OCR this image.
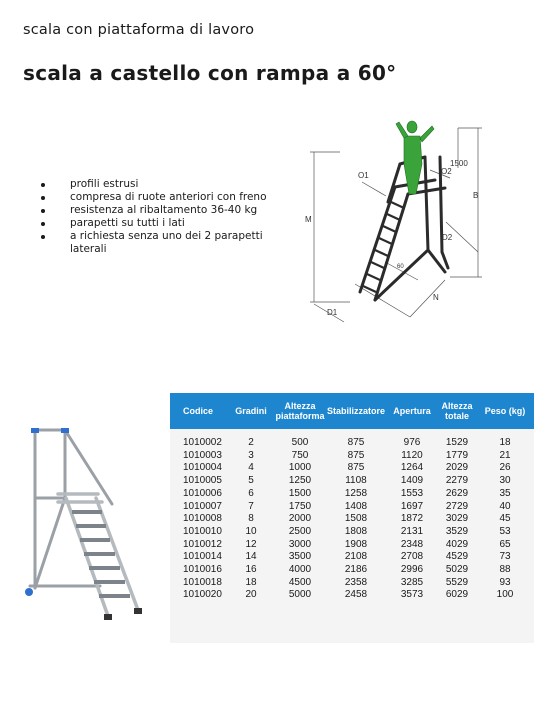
scala con piattaforma di lavoro
scala a castello con rampa a 60°
profili estrusi
compresa di ruote anteriori con freno
resistenza al ribaltamento 36-40 kg
parapetti su tutti i lati
a richiesta senza uno dei 2 parapetti laterali
O1	O2
1500
B
M
D2
D1
N
60
Codice	Gradini	Altezza piattaforma	Stabilizzatore	Apertura	Altezza totale	Peso (kg)
1010002	2	500	875	976	1529	18
1010003	3	750	875	1120	1779	21
1010004	4	1000	875	1264	2029	26
1010005	5	1250	1108	1409	2279	30
1010006	6	1500	1258	1553	2629	35
1010007	7	1750	1408	1697	2729	40
1010008	8	2000	1508	1872	3029	45
1010010	10	2500	1808	2131	3529	53
1010012	12	3000	1908	2348	4029	65
1010014	14	3500	2108	2708	4529	73
1010016	16	4000	2186	2996	5029	88
1010018	18	4500	2358	3285	5529	93
1010020	20	5000	2458	3573	6029	100
